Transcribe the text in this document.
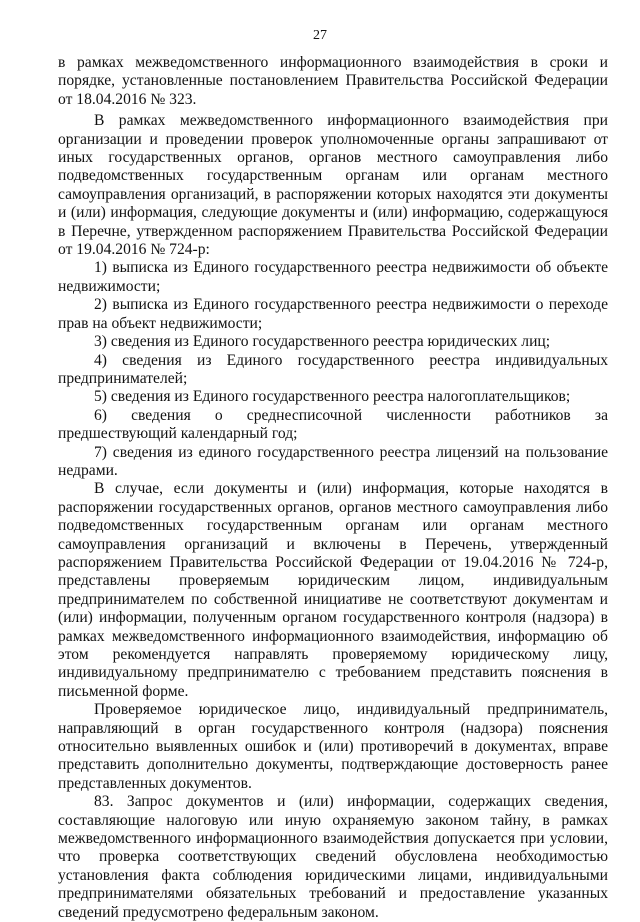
27

в рамках межведомственного информационного взаимодействия в сроки и порядке, установленные постановлением Правительства Российской Федерации от 18.04.2016 № 323.

В рамках межведомственного информационного взаимодействия при организации и проведении проверок уполномоченные органы запрашивают от иных государственных органов, органов местного самоуправления либо подведомственных государственным органам или органам местного самоуправления организаций, в распоряжении которых находятся эти документы и (или) информация, следующие документы и (или) информацию, содержащуюся в Перечне, утвержденном распоряжением Правительства Российской Федерации от 19.04.2016 № 724-р:

1) выписка из Единого государственного реестра недвижимости об объекте недвижимости;

2) выписка из Единого государственного реестра недвижимости о переходе прав на объект недвижимости;

3) сведения из Единого государственного реестра юридических лиц;

4) сведения из Единого государственного реестра индивидуальных предпринимателей;

5) сведения из Единого государственного реестра налогоплательщиков;

6) сведения о среднесписочной численности работников за предшествующий календарный год;

7) сведения из единого государственного реестра лицензий на пользование недрами.

В случае, если документы и (или) информация, которые находятся в распоряжении государственных органов, органов местного самоуправления либо подведомственных государственным органам или органам местного самоуправления организаций и включены в Перечень, утвержденный распоряжением Правительства Российской Федерации от 19.04.2016 № 724-р, представлены проверяемым юридическим лицом, индивидуальным предпринимателем по собственной инициативе не соответствуют документам и (или) информации, полученным органом государственного контроля (надзора) в рамках межведомственного информационного взаимодействия, информацию об этом рекомендуется направлять проверяемому юридическому лицу, индивидуальному предпринимателю с требованием представить пояснения в письменной форме.

Проверяемое юридическое лицо, индивидуальный предприниматель, направляющий в орган государственного контроля (надзора) пояснения относительно выявленных ошибок и (или) противоречий в документах, вправе представить дополнительно документы, подтверждающие достоверность ранее представленных документов.

83. Запрос документов и (или) информации, содержащих сведения, составляющие налоговую или иную охраняемую законом тайну, в рамках межведомственного информационного взаимодействия допускается при условии, что проверка соответствующих сведений обусловлена необходимостью установления факта соблюдения юридическими лицами, индивидуальными предпринимателями обязательных требований и предоставление указанных сведений предусмотрено федеральным законом.
